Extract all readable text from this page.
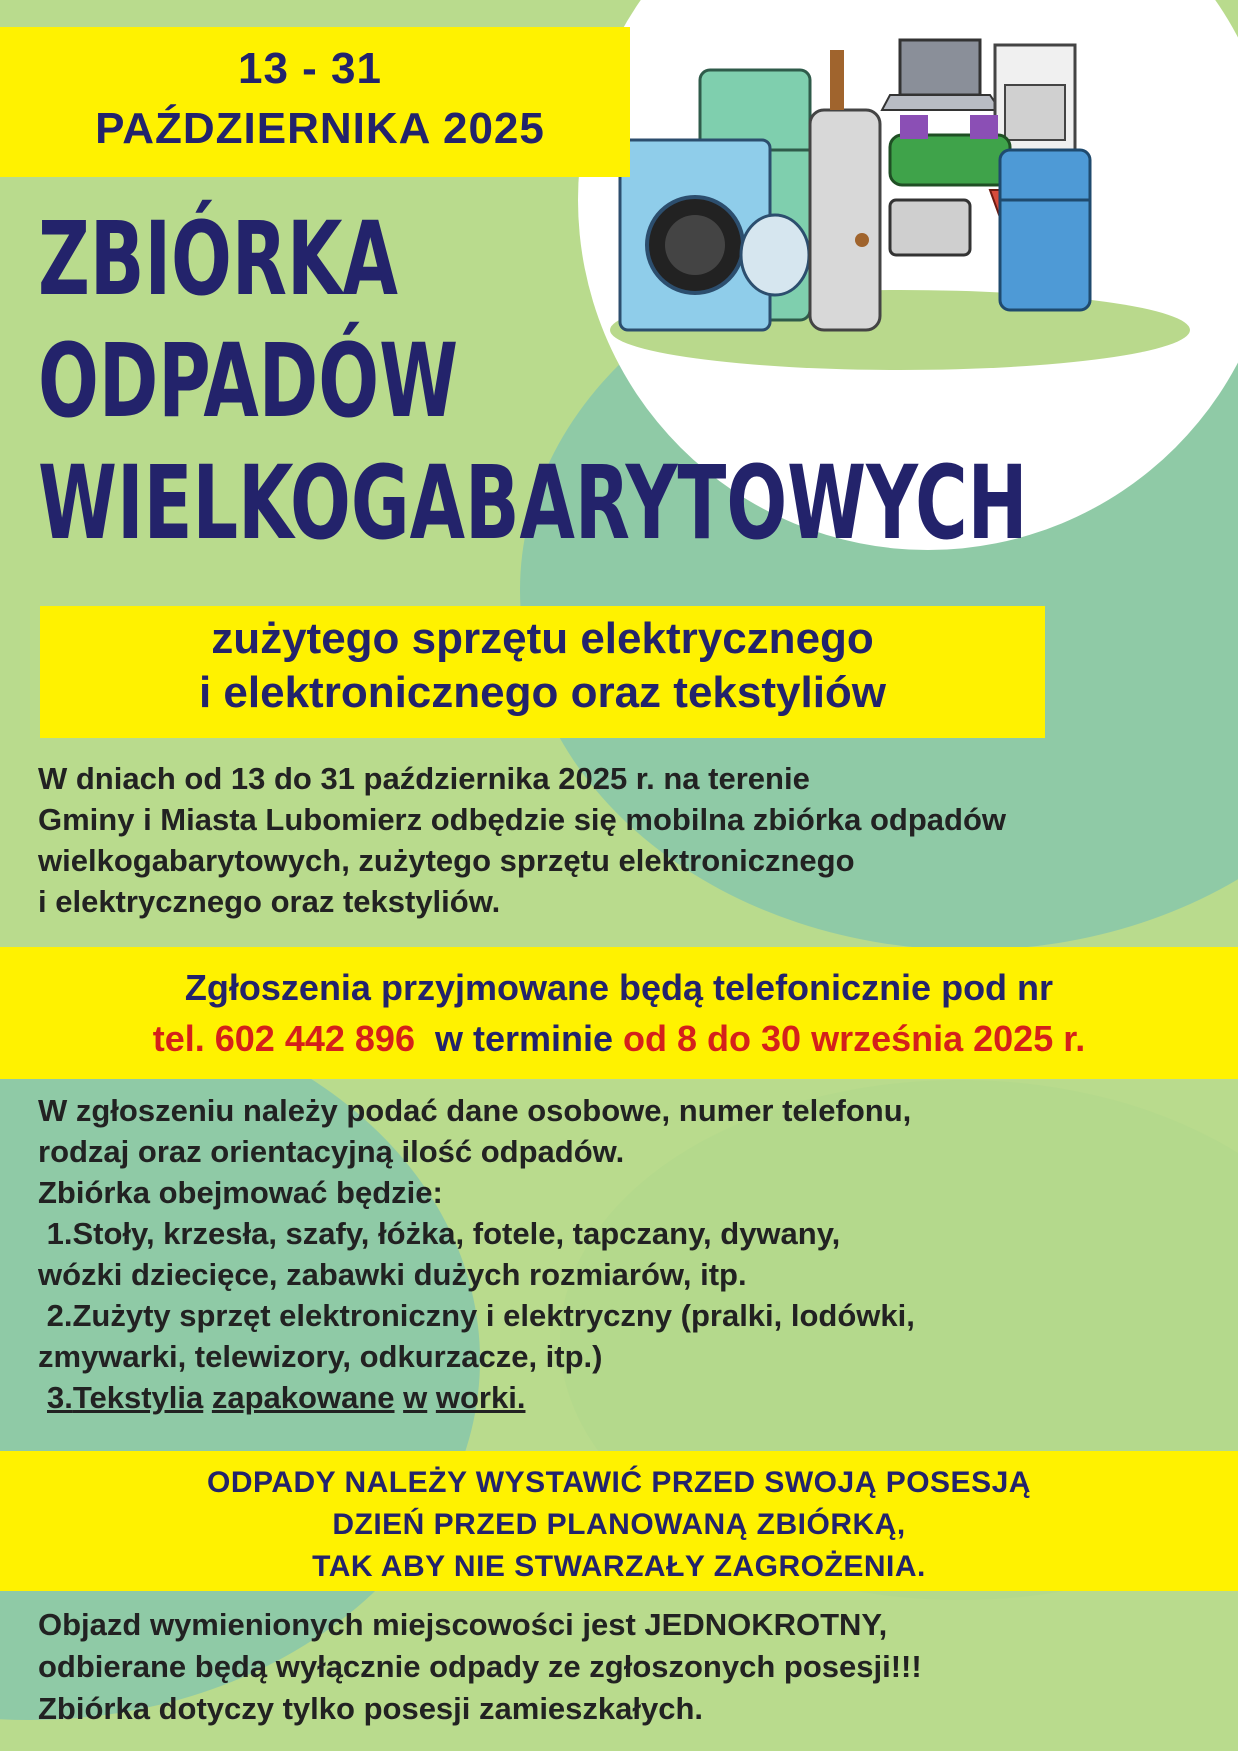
13 - 31
PAŹDZIERNIKA 2025
ZBIÓRKA
ODPADÓW
WIELKOGABARYTOWYCH
zużytego sprzętu elektrycznego
i elektronicznego oraz tekstyliów
W dniach od 13 do 31 października 2025 r. na terenie
Gminy i Miasta Lubomierz odbędzie się mobilna zbiórka odpadów
wielkogabarytowych, zużytego sprzętu elektronicznego
i elektrycznego oraz tekstyliów.
Zgłoszenia przyjmowane będą telefonicznie pod nr
tel. 602 442 896  w terminie od 8 do 30 września 2025 r.
W zgłoszeniu należy podać dane osobowe, numer telefonu,
rodzaj oraz orientacyjną ilość odpadów.
Zbiórka obejmować będzie:
1.Stoły, krzesła, szafy, łóżka, fotele, tapczany, dywany,
wózki dziecięce, zabawki dużych rozmiarów, itp.
2.Zużyty sprzęt elektroniczny i elektryczny (pralki, lodówki,
zmywarki, telewizory, odkurzacze, itp.)
3.Tekstylia zapakowane w worki.
ODPADY NALEŻY WYSTAWIĆ PRZED SWOJĄ POSESJĄ
DZIEŃ PRZED PLANOWANĄ ZBIÓRKĄ,
TAK ABY NIE STWARZAŁY ZAGROŻENIA.
Objazd wymienionych miejscowości jest JEDNOKROTNY,
odbierane będą wyłącznie odpady ze zgłoszonych posesji!!!
Zbiórka dotyczy tylko posesji zamieszkałych.
